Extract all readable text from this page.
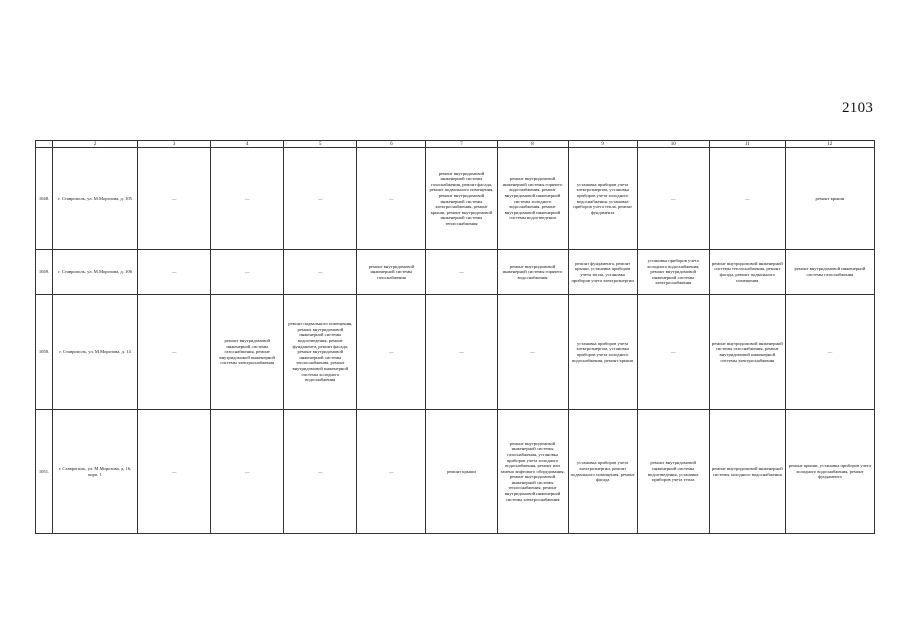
2103
	2	3	4	5	6	7	8	9	10	11	12
1048.	г. Ставрополь, ул. М.Морозова, д. 105	—	—	—	—	ремонт внутридомовой инженерной системы газоснабжения, ремонт фасада, ремонт подвального помещения, ремонт внутридомовой инженерной системы электроснабжения, ремонт крыши, ремонт внутридомовой инженерной системы теплоснабжения	ремонт внутридомовой инженерной системы горячего водоснабжения, ремонт внутридомовой инженерной системы холодного водоснабжения, ремонт внутридомовой инженерной системы водоотведения	установка приборов учета электроэнергии, установка приборов учета холодного водоснабжения, установка приборов учета тепла, ремонт фундамента	—	—	ремонт крыши
1049.	г. Ставрополь, ул. М.Морозова, д. 106	—	—	—	ремонт внутридомовой инженерной системы газоснабжения	—	ремонт внутридомовой инженерной системы горячего водоснабжения	ремонт фундамента, ремонт крыши, установка приборов учета тепла, установка приборов учета электроэнергии	установка приборов учета холодного водоснабжения, ремонт внутридомовой инженерной системы электроснабжения	ремонт внутридомовой инженерной системы теплоснабжения, ремонт фасада, ремонт подвального помещения	ремонт внутридомовой инженерной системы газоснабжения
1050.	г. Ставрополь, ул. М.Морозова, д. 14	—	ремонт внутридомовой инженерной системы газоснабжения, ремонт внутридомовой инженерной системы электроснабжения	ремонт подвального помещения, ремонт внутридомовой инженерной системы водоотведения, ремонт фундамента, ремонт фасада, ремонт внутридомовой инженерной системы теплоснабжения, ремонт внутридомовой инженерной системы холодного водоснабжения	—	—	—	установка приборов учета электроэнергии, установка приборов учета холодного водоснабжения, ремонт крыши	—	ремонт внутридомовой инженерной системы газоснабжения, ремонт внутридомовой инженерной системы электроснабжения	—
1051.	г. Ставрополь, ул. М.Морозова, д. 16, корп. 1	—	—	—	—	ремонт крыши	ремонт внутридомовой инженерной системы газоснабжения, установка приборов учета холодного водоснабжения, ремонт или замена лифтового оборудования, ремонт внутридомовой инженерной системы теплоснабжения, ремонт внутридомовой инженерной системы электроснабжения	установка приборов учета электроэнергии, ремонт подвального помещения, ремонт фасада	ремонт внутридомовой инженерной системы водоотведения, установка приборов учета тепла	ремонт внутридомовой инженерной системы холодного водоснабжения	ремонт крыши, установка приборов учета холодного водоснабжения, ремонт фундамента
